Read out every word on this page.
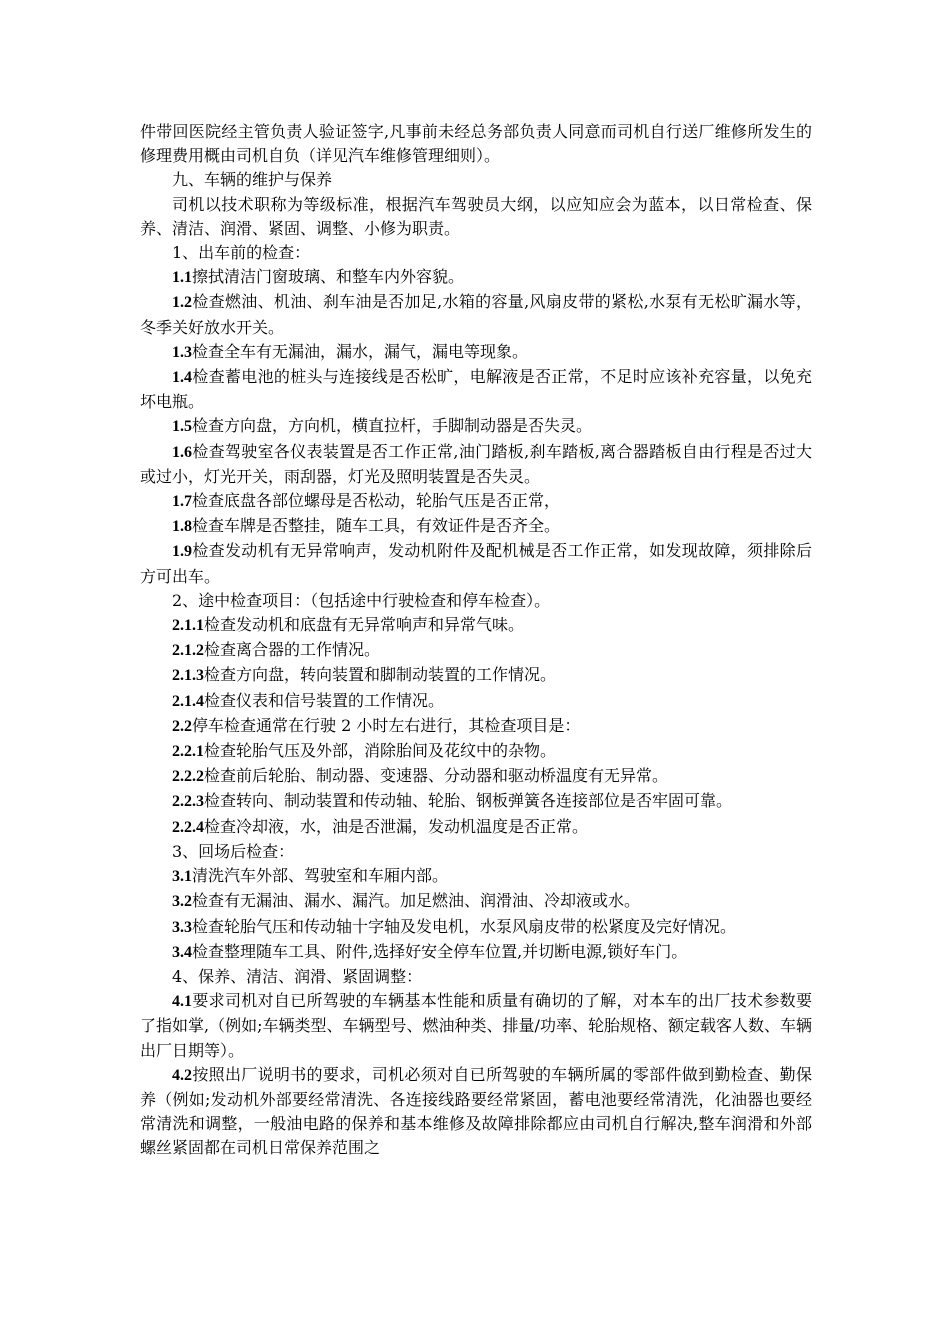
件带回医院经主管负责人验证签字,凡事前未经总务部负责人同意而司机自行送厂维修所发生的修理费用概由司机自负（详见汽车维修管理细则）。

九、车辆的维护与保养

司机以技术职称为等级标准，根据汽车驾驶员大纲，以应知应会为蓝本，以日常检查、保养、清洁、润滑、紧固、调整、小修为职责。

1、出车前的检查：

1.1擦拭清洁门窗玻璃、和整车内外容貌。

1.2检查燃油、机油、刹车油是否加足,水箱的容量,风扇皮带的紧松,水泵有无松旷漏水等，冬季关好放水开关。

1.3检查全车有无漏油，漏水，漏气，漏电等现象。

1.4检查蓄电池的桩头与连接线是否松旷，电解液是否正常，不足时应该补充容量，以免充坏电瓶。

1.5检查方向盘，方向机，横直拉杆，手脚制动器是否失灵。

1.6检查驾驶室各仪表装置是否工作正常,油门踏板,刹车踏板,离合器踏板自由行程是否过大或过小，灯光开关，雨刮器，灯光及照明装置是否失灵。

1.7检查底盘各部位螺母是否松动，轮胎气压是否正常，

1.8检查车牌是否整挂，随车工具，有效证件是否齐全。

1.9检查发动机有无异常响声，发动机附件及配机械是否工作正常，如发现故障，须排除后方可出车。

2、途中检查项目：（包括途中行驶检查和停车检查）。

2.1.1检查发动机和底盘有无异常响声和异常气味。

2.1.2检查离合器的工作情况。

2.1.3检查方向盘，转向装置和脚制动装置的工作情况。

2.1.4检查仪表和信号装置的工作情况。

2.2停车检查通常在行驶 2 小时左右进行，其检查项目是：

2.2.1检查轮胎气压及外部，消除胎间及花纹中的杂物。

2.2.2检查前后轮胎、制动器、变速器、分动器和驱动桥温度有无异常。

2.2.3检查转向、制动装置和传动轴、轮胎、钢板弹簧各连接部位是否牢固可靠。

2.2.4检查冷却液，水，油是否泄漏，发动机温度是否正常。

3、回场后检查：

3.1清洗汽车外部、驾驶室和车厢内部。

3.2检查有无漏油、漏水、漏汽。加足燃油、润滑油、冷却液或水。

3.3检查轮胎气压和传动轴十字轴及发电机，水泵风扇皮带的松紧度及完好情况。

3.4检查整理随车工具、附件,选择好安全停车位置,并切断电源,锁好车门。

4、保养、清洁、润滑、紧固调整：

4.1要求司机对自已所驾驶的车辆基本性能和质量有确切的了解，对本车的出厂技术参数要了指如掌,（例如;车辆类型、车辆型号、燃油种类、排量/功率、轮胎规格、额定载客人数、车辆出厂日期等）。

4.2按照出厂说明书的要求，司机必须对自已所驾驶的车辆所属的零部件做到勤检查、勤保养（例如;发动机外部要经常清洗、各连接线路要经常紧固，蓄电池要经常清洗，化油器也要经常清洗和调整，一般油电路的保养和基本维修及故障排除都应由司机自行解决,整车润滑和外部螺丝紧固都在司机日常保养范围之
